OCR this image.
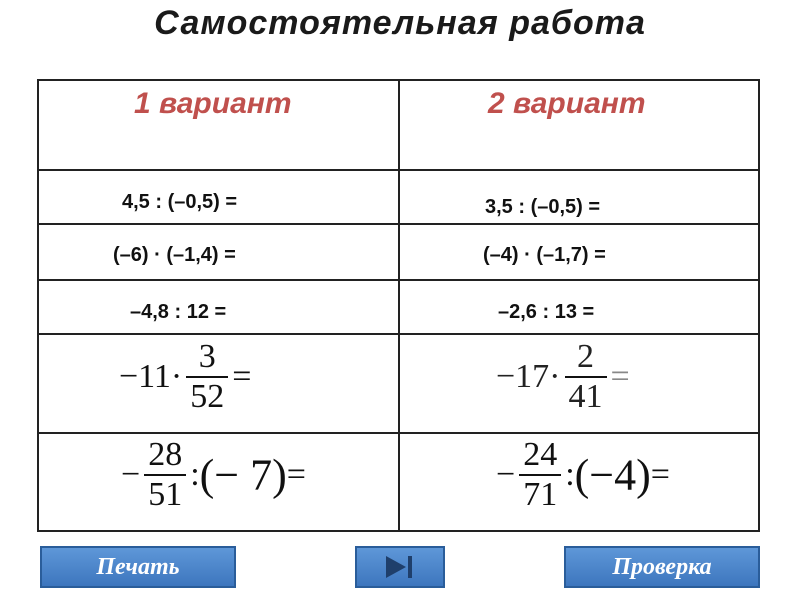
Самостоятельная работа
1 вариант	2 вариант

4,5 : (–0,5) =	3,5 : (–0,5) =

(–6) · (–1,4) =	(–4) · (–1,7) =

–4,8 : 12 =	–2,6 : 13 =

$-11\cdot \frac{3}{52}$ =	$-17\cdot \frac{2}{41}$ =

− $\frac{28}{51}$ :(− 7)=	− $\frac{24}{71}$ :(−4)=
Печать	Проверка
